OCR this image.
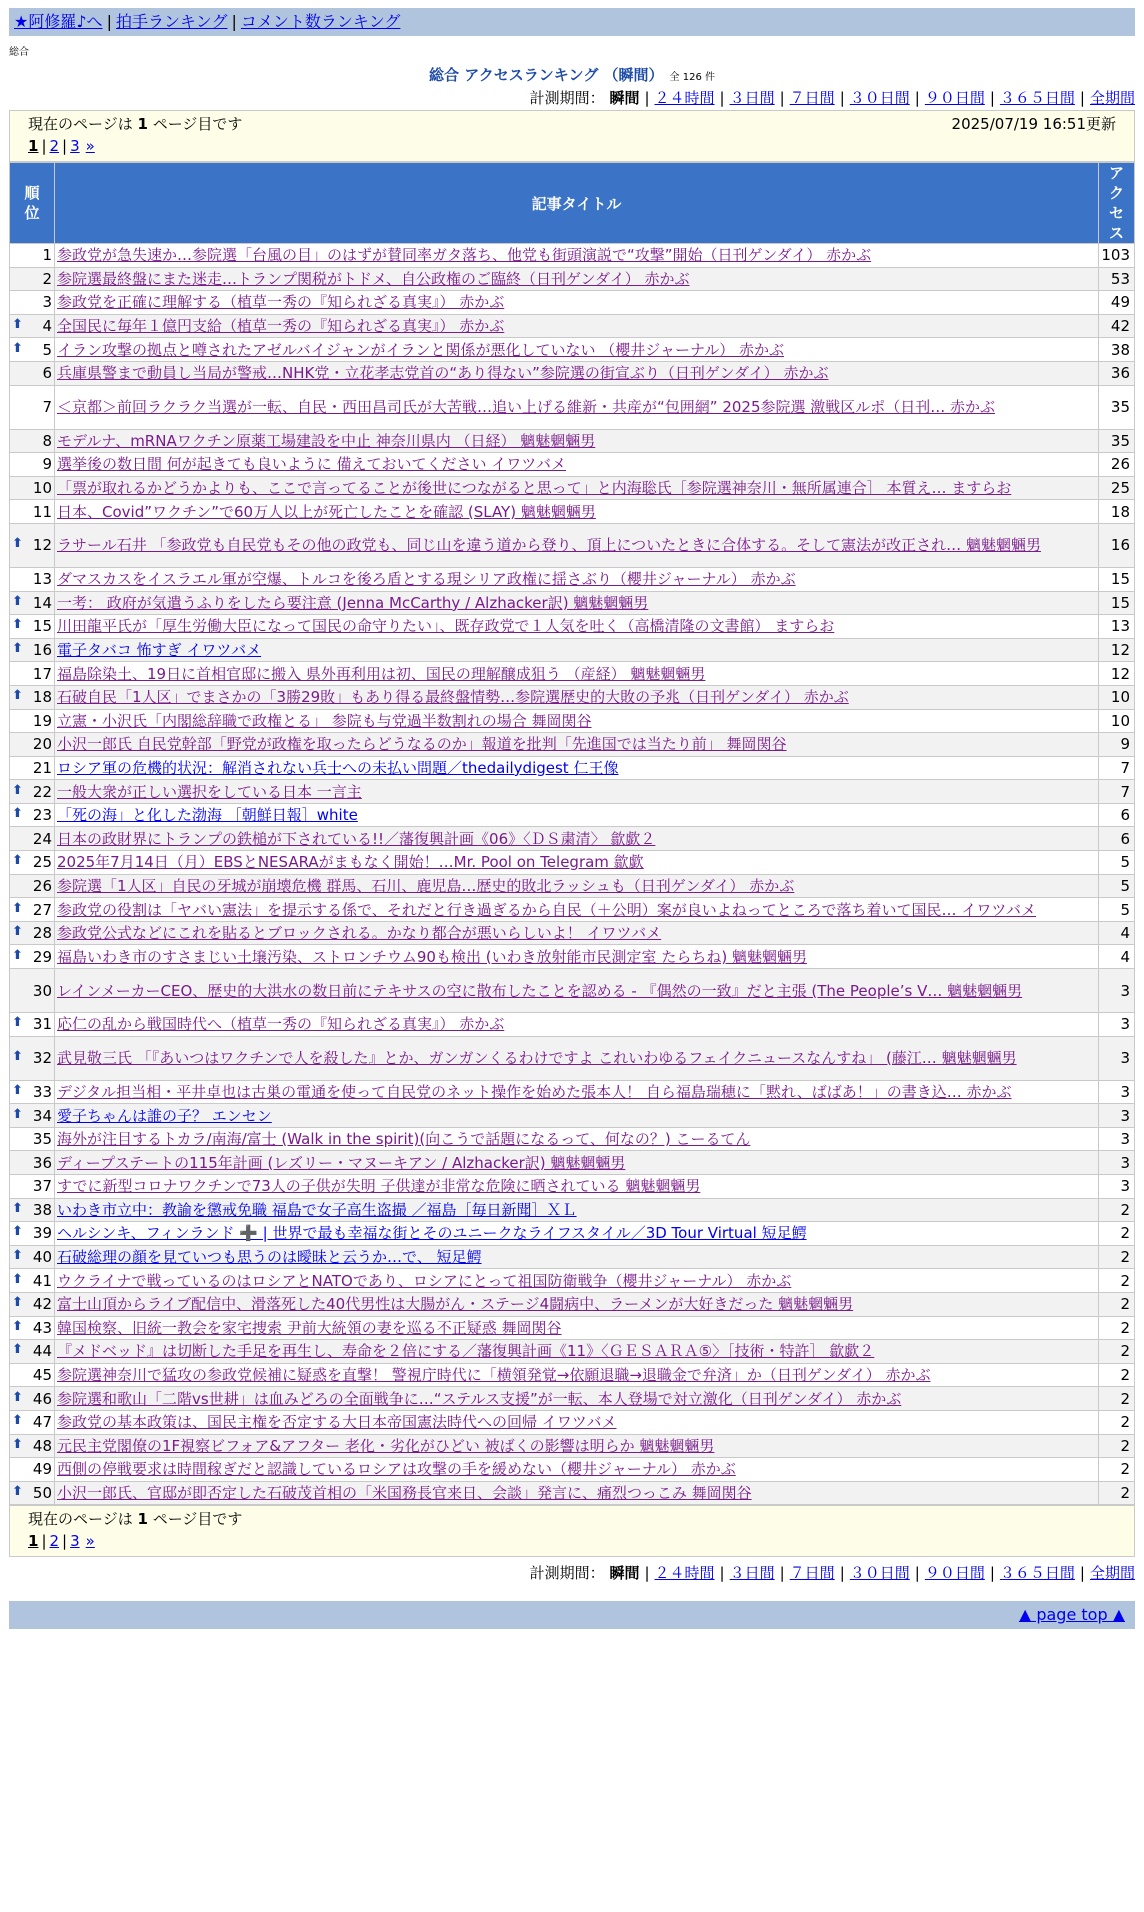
★阿修羅♪へ | 拍手ランキング | コメント数ランキング
総合
総合 アクセスランキング （瞬間） 全 126 件
計測期間： 瞬間 | ２４時間 | ３日間 | ７日間 | ３０日間 | ９０日間 | ３６５日間 | 全期間
現在のページは 1 ページ目です	2025/07/19 16:51更新
1 | 2 | 3 »
順位	記事タイトル	アクセス
1	参政党が急失速か…参院選「台風の目」のはずが賛同率ガタ落ち、他党も街頭演説で“攻撃”開始（日刊ゲンダイ） 赤かぶ	103
2	参院選最終盤にまた迷走…トランプ関税がトドメ、自公政権のご臨終（日刊ゲンダイ） 赤かぶ	53
3	参政党を正確に理解する（植草一秀の『知られざる真実』） 赤かぶ	49

⬆ 4	全国民に毎年１億円支給（植草一秀の『知られざる真実』） 赤かぶ	42

⬆ 5	イラン攻撃の拠点と噂されたアゼルバイジャンがイランと関係が悪化していない （櫻井ジャーナル） 赤かぶ	38
6	兵庫県警まで動員し当局が警戒…NHK党・立花孝志党首の“あり得ない”参院選の街宣ぶり（日刊ゲンダイ） 赤かぶ	36
7	＜京都＞前回ラクラク当選が一転、自民・西田昌司氏が大苦戦…追い上げる維新・共産が“包囲網” 2025参院選 激戦区ルポ（日刊… 赤かぶ	35
8	モデルナ、mRNAワクチン原薬工場建設を中止 神奈川県内 （日経） 魑魅魍魎男	35
9	選挙後の数日間 何が起きても良いように 備えておいてください イワツバメ	26
10	「票が取れるかどうかよりも、ここで言ってることが後世につながると思って」と内海聡氏［参院選神奈川・無所属連合］ 本質え… ますらお	25
11	日本、Covid”ワクチン”で60万人以上が死亡したことを確認 (SLAY) 魑魅魍魎男	18

⬆ 12	ラサール石井 「参政党も自民党もその他の政党も、同じ山を違う道から登り、頂上についたときに合体する。そして憲法が改正され… 魑魅魍魎男	16
13	ダマスカスをイスラエル軍が空爆、トルコを後ろ盾とする現シリア政権に揺さぶり（櫻井ジャーナル） 赤かぶ	15

⬆ 14	一考： 政府が気遣うふりをしたら要注意 (Jenna McCarthy / Alzhacker訳) 魑魅魍魎男	15

⬆ 15	川田龍平氏が「厚生労働大臣になって国民の命守りたい」、既存政党で１人気を吐く（高橋清隆の文書館） ますらお	13

⬆ 16	電子タバコ 怖すぎ イワツバメ	12
17	福島除染土、19日に首相官邸に搬入 県外再利用は初、国民の理解醸成狙う （産経） 魑魅魍魎男	12

⬆ 18	石破自民「1人区」でまさかの「3勝29敗」もあり得る最終盤情勢…参院選歴史的大敗の予兆（日刊ゲンダイ） 赤かぶ	10
19	立憲・小沢氏「内閣総辞職で政権とる」 参院も与党過半数割れの場合 舞岡関谷	10
20	小沢一郎氏 自民党幹部「野党が政権を取ったらどうなるのか」報道を批判「先進国では当たり前」 舞岡関谷	9
21	ロシア軍の危機的状況：解消されない兵士への未払い問題／thedailydigest 仁王像	7

⬆ 22	一般大衆が正しい選択をしている日本 一言主	7

⬆ 23	「死の海」と化した渤海 ［朝鮮日報］white	6
24	日本の政財界にトランプの鉄槌が下されている!!／藩復興計画《06》〈ＤＳ粛清〉 歙歔２	6

⬆ 25	2025年7月14日（月）EBSとNESARAがまもなく開始！…Mr. Pool on Telegram 歙歔	5
26	参院選「1人区」自民の牙城が崩壊危機 群馬、石川、鹿児島…歴史的敗北ラッシュも（日刊ゲンダイ） 赤かぶ	5

⬆ 27	参政党の役割は「ヤバい憲法」を提示する係で、それだと行き過ぎるから自民（＋公明）案が良いよねってところで落ち着いて国民… イワツバメ	5

⬆ 28	参政党公式などにこれを貼るとブロックされる。かなり都合が悪いらしいよ！ イワツバメ	4

⬆ 29	福島いわき市のすさまじい土壌汚染、ストロンチウム90も検出 (いわき放射能市民測定室 たらちね) 魑魅魍魎男	4
30	レインメーカーCEO、歴史的大洪水の数日前にテキサスの空に散布したことを認める - 『偶然の一致』だと主張 (The People’s V… 魑魅魍魎男	3

⬆ 31	応仁の乱から戦国時代へ（植草一秀の『知られざる真実』） 赤かぶ	3

⬆ 32	武見敬三氏 「『あいつはワクチンで人を殺した』とか、ガンガンくるわけですよ これいわゆるフェイクニュースなんすね」 (藤江… 魑魅魍魎男	3

⬆ 33	デジタル担当相・平井卓也は古巣の電通を使って自民党のネット操作を始めた張本人！ 自ら福島瑞穂に「黙れ、ばばあ！」の書き込… 赤かぶ	3

⬆ 34	愛子ちゃんは誰の子？ エンセン	3
35	海外が注目するトカラ/南海/富士 (Walk in the spirit)(向こうで話題になるって、何なの？) こーるてん	3
36	ディープステートの115年計画 (レズリー・マヌーキアン / Alzhacker訳) 魑魅魍魎男	3
37	すでに新型コロナワクチンで73人の子供が失明 子供達が非常な危険に晒されている 魑魅魍魎男	3

⬆ 38	いわき市立中：教諭を懲戒免職 福島で女子高生盗撮 ／福島［毎日新聞］ＸＬ	2

⬆ 39	ヘルシンキ、フィンランド ➕ | 世界で最も幸福な街とそのユニークなライフスタイル／3D Tour Virtual 短足鰐	2

⬆ 40	石破総理の顔を見ていつも思うのは曖昧と云うか…で、 短足鰐	2

⬆ 41	ウクライナで戦っているのはロシアとNATOであり、ロシアにとって祖国防衛戦争（櫻井ジャーナル） 赤かぶ	2

⬆ 42	富士山頂からライブ配信中、滑落死した40代男性は大腸がん・ステージ4闘病中、ラーメンが大好きだった 魑魅魍魎男	2

⬆ 43	韓国検察、旧統一教会を家宅捜索 尹前大統領の妻を巡る不正疑惑 舞岡関谷	2

⬆ 44	『メドベッド』は切断した手足を再生し、寿命を２倍にする／藩復興計画《11》〈ＧＥＳＡＲＡ⑤〉［技術・特許］ 歙歔２	2
45	参院選神奈川で猛攻の参政党候補に疑惑を直撃！ 警視庁時代に「横領発覚→依願退職→退職金で弁済」か（日刊ゲンダイ） 赤かぶ	2

⬆ 46	参院選和歌山「二階vs世耕」は血みどろの全面戦争に…“ステルス支援”が一転、本人登場で対立激化（日刊ゲンダイ） 赤かぶ	2

⬆ 47	参政党の基本政策は、国民主権を否定する大日本帝国憲法時代への回帰 イワツバメ	2

⬆ 48	元民主党閣僚の1F視察ビフォア&アフター 老化・劣化がひどい 被ばくの影響は明らか 魑魅魍魎男	2
49	西側の停戦要求は時間稼ぎだと認識しているロシアは攻撃の手を緩めない（櫻井ジャーナル） 赤かぶ	2

⬆ 50	小沢一郎氏、官邸が即否定した石破茂首相の「米国務長官来日、会談」発言に、痛烈つっこみ 舞岡関谷	2
現在のページは 1 ページ目です
1 | 2 | 3 »
計測期間： 瞬間 | ２４時間 | ３日間 | ７日間 | ３０日間 | ９０日間 | ３６５日間 | 全期間
▲ page top ▲
